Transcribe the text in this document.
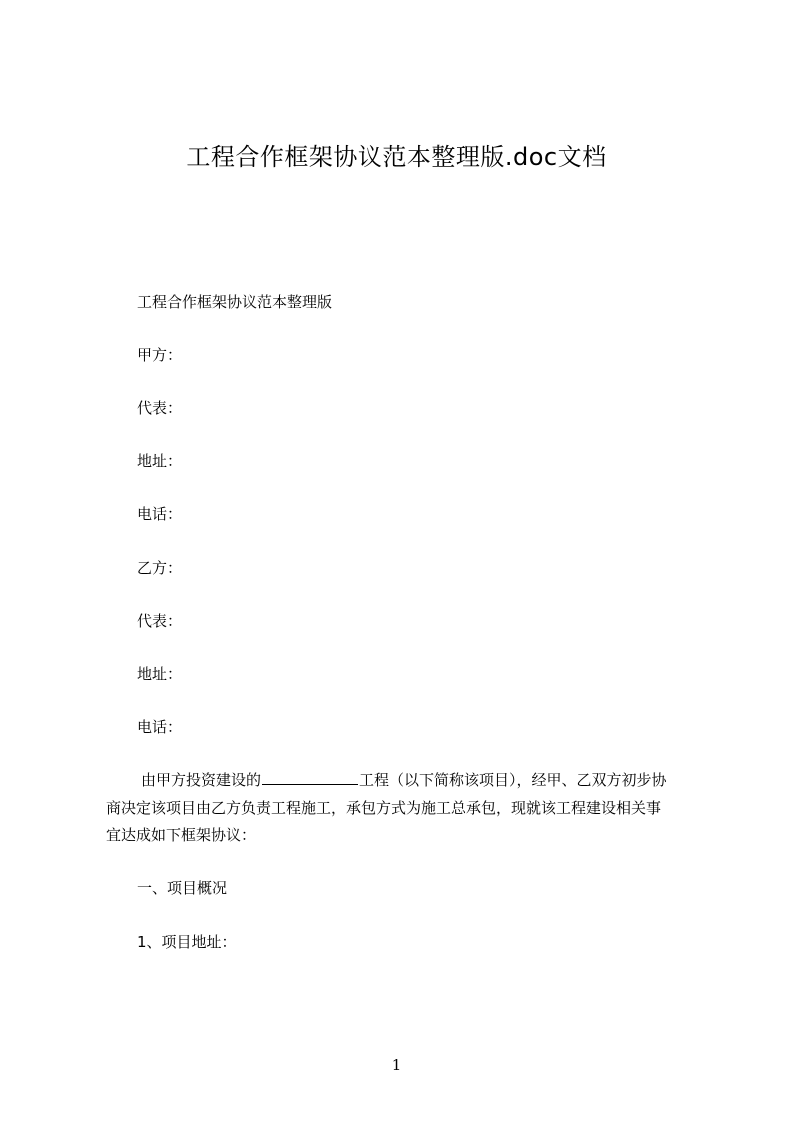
工程合作框架协议范本整理版.doc文档
工程合作框架协议范本整理版
甲方：
代表：
地址：
电话：
乙方：
代表：
地址：
电话：
由甲方投资建设的	工程（以下简称该项目），经甲、乙双方初步协
商决定该项目由乙方负责工程施工，承包方式为施工总承包，现就该工程建设相关事
宜达成如下框架协议：
一、项目概况
1、项目地址：
1
